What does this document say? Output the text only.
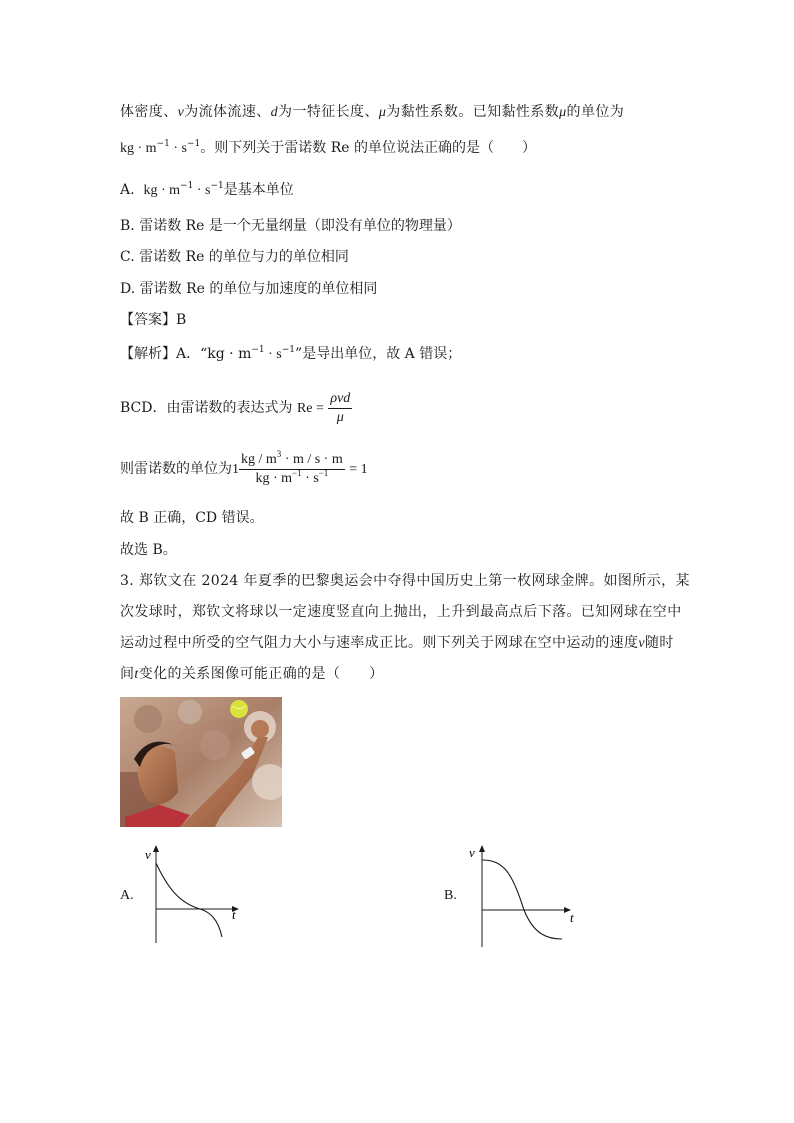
体密度、v为流体流速、d为一特征长度、μ为黏性系数。已知黏性系数μ的单位为
kg · $m^{-1} \cdot s^{-1}$。则下列关于雷诺数 Re 的单位说法正确的是（　　）
A. kg · $m^{-1} \cdot s^{-1}$是基本单位
B. 雷诺数 Re 是一个无量纲量（即没有单位的物理量）
C. 雷诺数 Re 的单位与力的单位相同
D. 雷诺数 Re 的单位与加速度的单位相同
【答案】B
【解析】A．“kg · $m^{-1} \cdot s^{-1}$”是导出单位，故 A 错误；
BCD．由雷诺数的表达式为 $Re = \frac{\text{ρvd}}{\mu}$
则雷诺数的单位为$1 \frac{kg / m^3 \cdot m / s \cdot m}{kg \cdot m^{-1} \cdot s^{-1}} = 1$
故 B 正确，CD 错误。
故选 B。
3. 郑钦文在 2024 年夏季的巴黎奥运会中夺得中国历史上第一枚网球金牌。如图所示，某
次发球时，郑钦文将球以一定速度竖直向上抛出，上升到最高点后下落。已知网球在空中
运动过程中所受的空气阻力大小与速率成正比。则下列关于网球在空中运动的速度v随时
间t变化的关系图像可能正确的是（　　）
A.
v
t
B.
v
t
